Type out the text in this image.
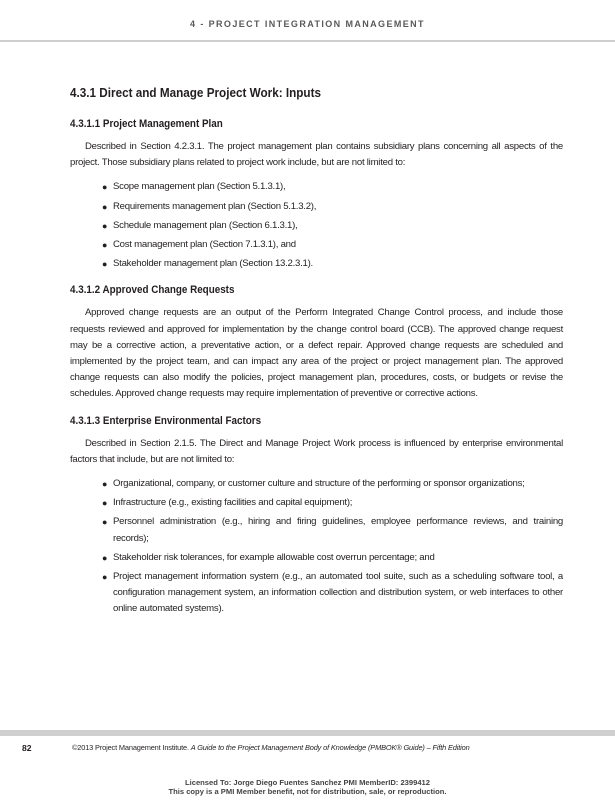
4 - PROJECT INTEGRATION MANAGEMENT
4.3.1 Direct and Manage Project Work: Inputs
4.3.1.1 Project Management Plan

Described in Section 4.2.3.1. The project management plan contains subsidiary plans concerning all aspects of the project. Those subsidiary plans related to project work include, but are not limited to:

● Scope management plan (Section 5.1.3.1),
● Requirements management plan (Section 5.1.3.2),
● Schedule management plan (Section 6.1.3.1),
● Cost management plan (Section 7.1.3.1), and
● Stakeholder management plan (Section 13.2.3.1).
4.3.1.2 Approved Change Requests

Approved change requests are an output of the Perform Integrated Change Control process, and include those requests reviewed and approved for implementation by the change control board (CCB). The approved change request may be a corrective action, a preventative action, or a defect repair. Approved change requests are scheduled and implemented by the project team, and can impact any area of the project or project management plan. The approved change requests can also modify the policies, project management plan, procedures, costs, or budgets or revise the schedules. Approved change requests may require implementation of preventive or corrective actions.

4.3.1.3 Enterprise Environmental Factors

Described in Section 2.1.5. The Direct and Manage Project Work process is influenced by enterprise environmental factors that include, but are not limited to:

● Organizational, company, or customer culture and structure of the performing or sponsor organizations;
● Infrastructure (e.g., existing facilities and capital equipment);
● Personnel administration (e.g., hiring and firing guidelines, employee performance reviews, and training records);
● Stakeholder risk tolerances, for example allowable cost overrun percentage; and
● Project management information system (e.g., an automated tool suite, such as a scheduling software tool, a configuration management system, an information collection and distribution system, or web interfaces to other online automated systems).
82	©2013 Project Management Institute. A Guide to the Project Management Body of Knowledge (PMBOK® Guide) – Fifth Edition
Licensed To: Jorge Diego Fuentes Sanchez PMI MemberID: 2399412
This copy is a PMI Member benefit, not for distribution, sale, or reproduction.
